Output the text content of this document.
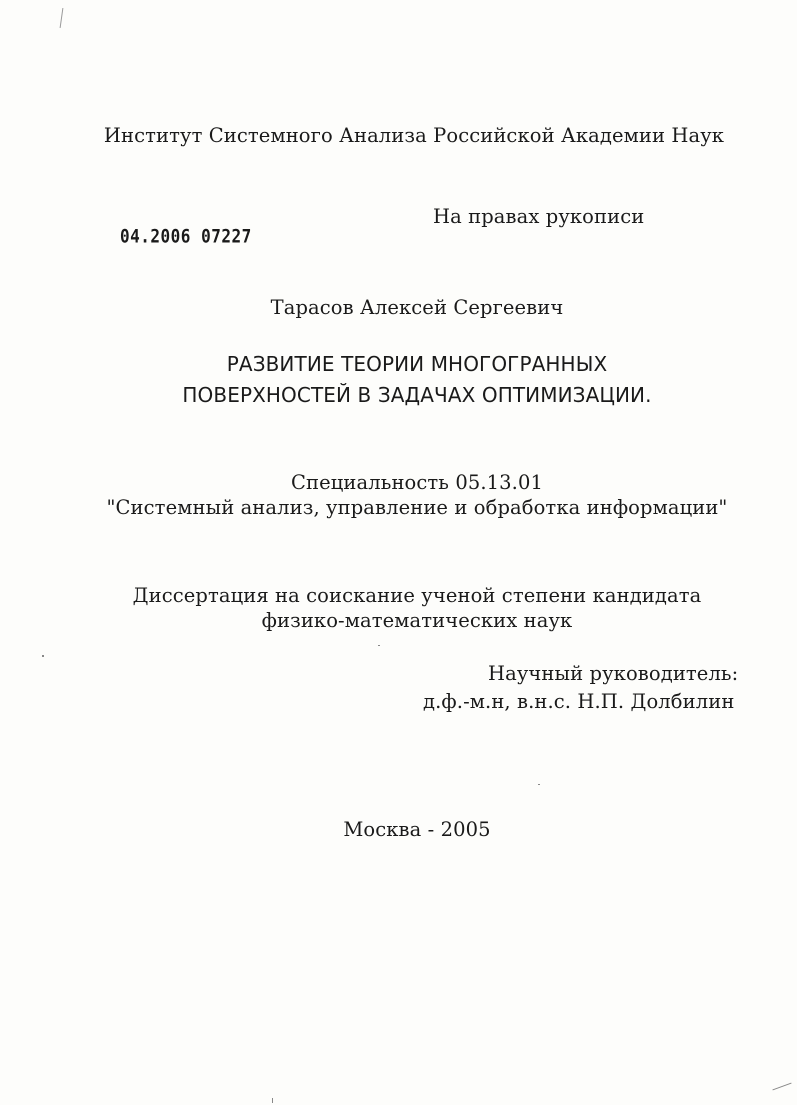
Институт Системного Анализа Российской Академии Наук
На правах рукописи
04.2006 07227
Тарасов Алексей Сергеевич
РАЗВИТИЕ ТЕОРИИ МНОГОГРАННЫХ
ПОВЕРХНОСТЕЙ В ЗАДАЧАХ ОПТИМИЗАЦИИ.
Специальность 05.13.01
"Системный анализ, управление и обработка информации"
Диссертация на соискание ученой степени кандидата
физико-математических наук
Научный руководитель:
д.ф.-м.н, в.н.с. Н.П. Долбилин
Москва - 2005
